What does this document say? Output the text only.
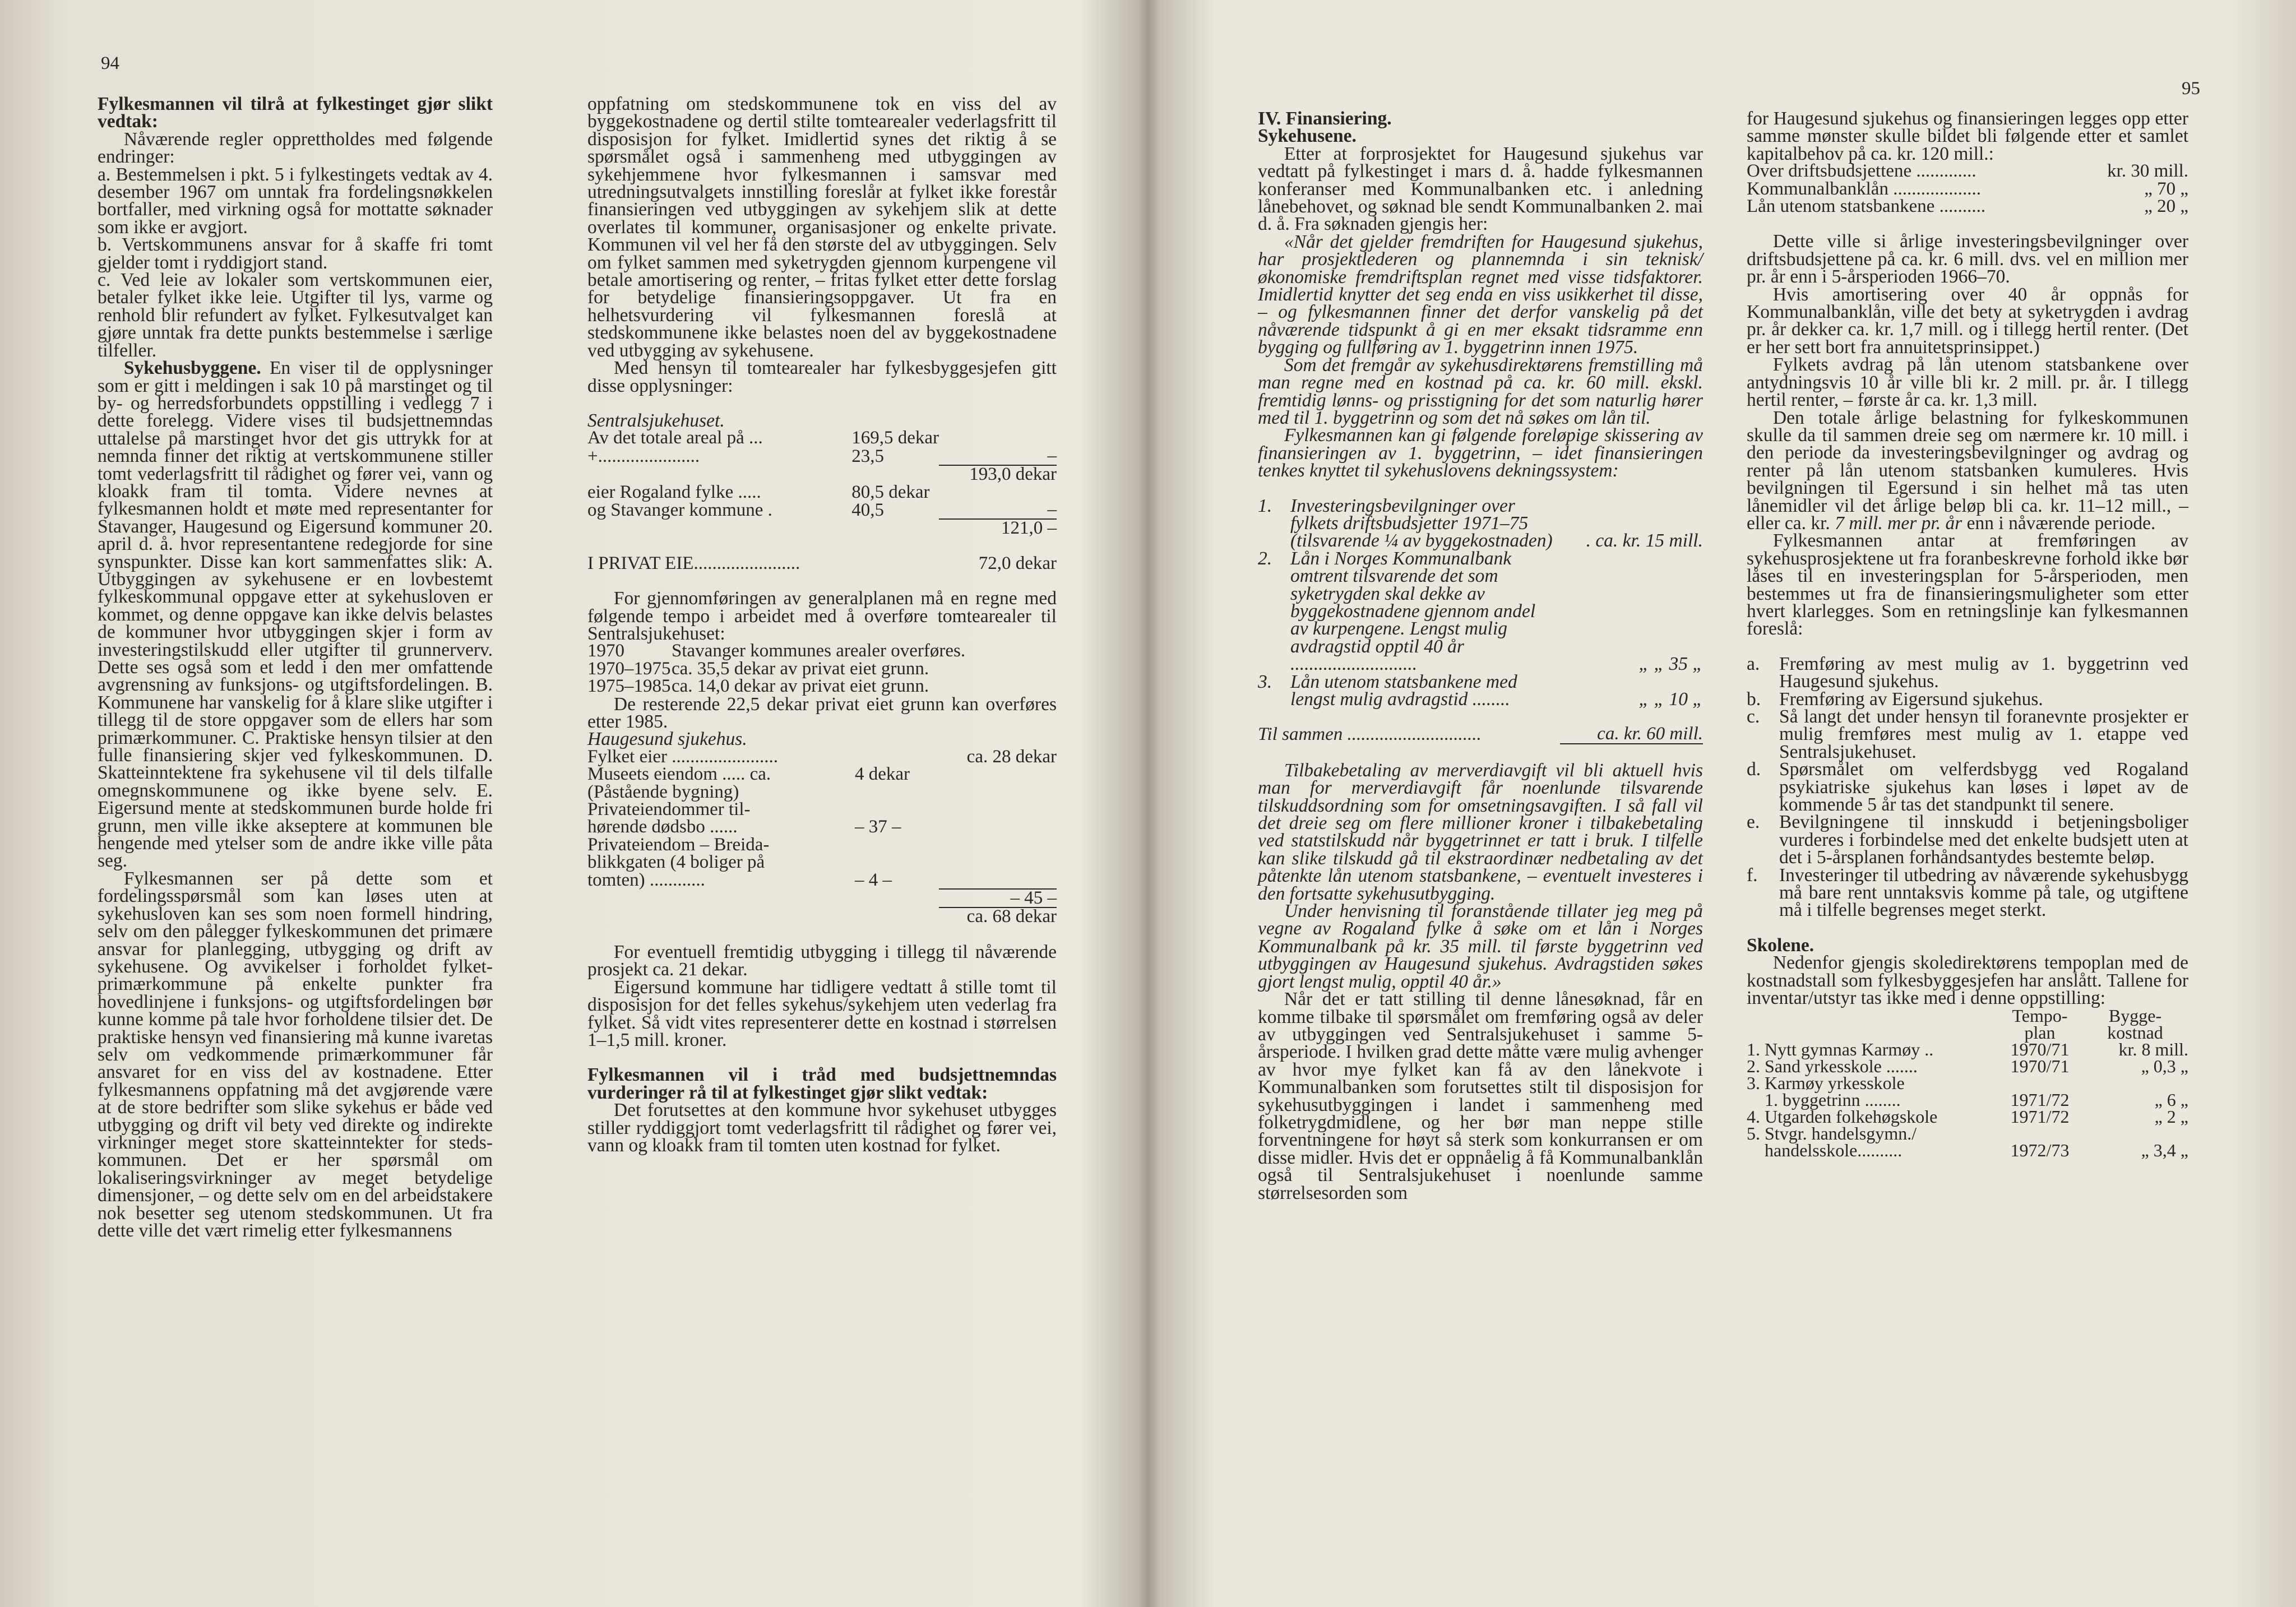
94

Fylkesmannen vil tilrå at fylkestinget gjør slikt vedtak:

Nåværende regler opprettholdes med følgende endringer:

a. Bestemmelsen i pkt. 5 i fylkestingets vedtak av 4. desember 1967 om unntak fra fordelingsnøkkelen bortfaller, med virkning også for mottatte søknader som ikke er avgjort.

b. Vertskommunens ansvar for å skaffe fri tomt gjelder tomt i ryddigjort stand.

c. Ved leie av lokaler som vertskommunen eier, betaler fylket ikke leie. Utgifter til lys, varme og renhold blir refundert av fylket. Fylkesutvalget kan gjøre unntak fra dette punkts bestemmelse i særlige tilfeller.

Sykehusbyggene. En viser til de opplysninger som er gitt i meldingen i sak 10 på marstinget og til by- og herredsforbundets oppstilling i vedlegg 7 i dette forelegg. Videre vises til budsjettnemndas uttalelse på marstinget hvor det gis uttrykk for at nemnda finner det riktig at vertskommunene stiller tomt vederlagsfritt til rådighet og fører vei, vann og kloakk fram til tomta. Videre nevnes at fylkesmannen holdt et møte med representanter for Stavanger, Haugesund og Eigersund kommuner 20. april d. å. hvor representantene redegjorde for sine synspunkter. Disse kan kort sammenfattes slik: A. Utbyggingen av sykehusene er en lovbestemt fylkeskommunal oppgave etter at sykehusloven er kommet, og denne oppgave kan ikke delvis belastes de kommuner hvor utbyggingen skjer i form av investeringstilskudd eller utgifter til grunnerverv. Dette ses også som et ledd i den mer omfattende avgrensning av funksjons- og utgiftsfordelingen. B. Kommunene har vanskelig for å klare slike utgifter i tillegg til de store oppgaver som de ellers har som primærkommuner. C. Praktiske hensyn tilsier at den fulle finansiering skjer ved fylkeskommunen. D. Skatteinntektene fra sykehusene vil til dels tilfalle omegnskommunene og ikke byene selv. E. Eigersund mente at stedskommunen burde holde fri grunn, men ville ikke akseptere at kommunen ble hengende med ytelser som de andre ikke ville påta seg.

Fylkesmannen ser på dette som et fordelingsspørsmål som kan løses uten at sykehusloven kan ses som noen formell hindring, selv om den pålegger fylkeskommunen det primære ansvar for planlegging, utbygging og drift av sykehusene. Og avvikelser i forholdet fylket-primærkommune på enkelte punkter fra hovedlinjene i funksjons- og utgiftsfordelingen bør kunne komme på tale hvor forholdene tilsier det. De praktiske hensyn ved finansiering må kunne ivaretas selv om vedkommende primærkommuner får ansvaret for en viss del av kostnadene. Etter fylkesmannens oppfatning må det avgjørende være at de store bedrifter som slike sykehus er både ved utbygging og drift vil bety ved direkte og indirekte virkninger meget store skatteinntekter for steds-kommunen. Det er her spørsmål om lokaliseringsvirkninger av meget betydelige dimensjoner, – og dette selv om en del arbeidstakere nok besetter seg utenom stedskommunen. Ut fra dette ville det vært rimelig etter fylkesmannens

oppfatning om stedskommunene tok en viss del av byggekostnadene og dertil stilte tomtearealer vederlagsfritt til disposisjon for fylket. Imidlertid synes det riktig å se spørsmålet også i sammenheng med utbyggingen av sykehjemmene hvor fylkesmannen i samsvar med utredningsutvalgets innstilling foreslår at fylket ikke forestår finansieringen ved utbyggingen av sykehjem slik at dette overlates til kommuner, organisasjoner og enkelte private. Kommunen vil vel her få den største del av utbyggingen. Selv om fylket sammen med syketrygden gjennom kurpengene vil betale amortisering og renter, – fritas fylket etter dette forslag for betydelige finansieringsoppgaver. Ut fra en helhetsvurdering vil fylkesmannen foreslå at stedskommunene ikke belastes noen del av byggekostnadene ved utbygging av sykehusene.

Med hensyn til tomtearealer har fylkesbyggesjefen gitt disse opplysninger:

Sentralsjukehuset.

Av det totale areal på ...	169,5 dekar	
+......................	23,5	–
		193,0 dekar
eier Rogaland fylke .....	80,5 dekar	
og Stavanger kommune .	40,5	–
		121,0 –
I PRIVAT EIE.......................	72,0 dekar

For gjennomføringen av generalplanen må en regne med følgende tempo i arbeidet med å overføre tomtearealer til Sentralsjukehuset:

1970	Stavanger kommunes arealer overføres.
1970–1975	ca. 35,5 dekar av privat eiet grunn.
1975–1985	ca. 14,0 dekar av privat eiet grunn.

De resterende 22,5 dekar privat eiet grunn kan overføres etter 1985.

Haugesund sjukehus.

Fylket eier .......................		ca. 28 dekar
Museets eiendom ..... ca.	4 dekar	
(Påstående bygning)		
Privateiendommer til-		
hørende dødsbo ......	– 37 –	
Privateiendom – Breida-		
blikkgaten (4 boliger på		
tomten) ............	– 4 –	
		– 45 –
		ca. 68 dekar

For eventuell fremtidig utbygging i tillegg til nåværende prosjekt ca. 21 dekar.

Eigersund kommune har tidligere vedtatt å stille tomt til disposisjon for det felles sykehus/sykehjem uten vederlag fra fylket. Så vidt vites representerer dette en kostnad i størrelsen 1–1,5 mill. kroner.

Fylkesmannen vil i tråd med budsjettnemndas vurderinger rå til at fylkestinget gjør slikt vedtak:

Det forutsettes at den kommune hvor sykehuset utbygges stiller ryddiggjort tomt vederlagsfritt til rådighet og fører vei, vann og kloakk fram til tomten uten kostnad for fylket.

95

IV. Finansiering.

Sykehusene.

Etter at forprosjektet for Haugesund sjukehus var vedtatt på fylkestinget i mars d. å. hadde fylkesmannen konferanser med Kommunalbanken etc. i anledning lånebehovet, og søknad ble sendt Kommunalbanken 2. mai d. å. Fra søknaden gjengis her:

«Når det gjelder fremdriften for Haugesund sjukehus, har prosjektlederen og plannemnda i sin teknisk/økonomiske fremdriftsplan regnet med visse tidsfaktorer. Imidlertid knytter det seg enda en viss usikkerhet til disse, – og fylkesmannen finner det derfor vanskelig på det nåværende tidspunkt å gi en mer eksakt tidsramme enn bygging og fullføring av 1. byggetrinn innen 1975.

Som det fremgår av sykehusdirektørens fremstilling må man regne med en kostnad på ca. kr. 60 mill. ekskl. fremtidig lønns- og prisstigning for det som naturlig hører med til 1. byggetrinn og som det nå søkes om lån til.

Fylkesmannen kan gi følgende foreløpige skissering av finansieringen av 1. byggetrinn, – idet finansieringen tenkes knyttet til sykehuslovens dekningssystem:

1. Investeringsbevilgninger over fylkets driftsbudsjetter 1971–75 (tilsvarende ¼ av byggekostnaden)	. ca. kr. 15 mill.
2. Lån i Norges Kommunalbank omtrent tilsvarende det som syketrygden skal dekke av byggekostnadene gjennom andel av kurpengene. Lengst mulig avdragstid opptil 40 år ...........................	„ „ 35 „
3. Lån utenom statsbankene med lengst mulig avdragstid ........	„ „ 10 „
Til sammen .............................	ca. kr. 60 mill.

Tilbakebetaling av merverdiavgift vil bli aktuell hvis man for merverdiavgift får noenlunde tilsvarende tilskuddsordning som for omsetningsavgiften. I så fall vil det dreie seg om flere millioner kroner i tilbakebetaling ved statstilskudd når byggetrinnet er tatt i bruk. I tilfelle kan slike tilskudd gå til ekstraordinær nedbetaling av det påtenkte lån utenom statsbankene, – eventuelt investeres i den fortsatte sykehusutbygging.

Under henvisning til foranstående tillater jeg meg på vegne av Rogaland fylke å søke om et lån i Norges Kommunalbank på kr. 35 mill. til første byggetrinn ved utbyggingen av Haugesund sjukehus. Avdragstiden søkes gjort lengst mulig, opptil 40 år.»

Når det er tatt stilling til denne lånesøknad, får en komme tilbake til spørsmålet om fremføring også av deler av utbyggingen ved Sentralsjukehuset i samme 5-årsperiode. I hvilken grad dette måtte være mulig avhenger av hvor mye fylket kan få av den lånekvote i Kommunalbanken som forutsettes stilt til disposisjon for sykehusutbyggingen i landet i sammenheng med folketrygdmidlene, og her bør man neppe stille forventningene for høyt så sterk som konkurransen er om disse midler. Hvis det er oppnåelig å få Kommunalbanklån også til Sentralsjukehuset i noenlunde samme størrelsesorden som

for Haugesund sjukehus og finansieringen legges opp etter samme mønster skulle bildet bli følgende etter et samlet kapitalbehov på ca. kr. 120 mill.:

Over driftsbudsjettene .............	kr. 30 mill.
Kommunalbanklån ...................	„ 70 „
Lån utenom statsbankene ..........	„ 20 „

Dette ville si årlige investeringsbevilgninger over driftsbudsjettene på ca. kr. 6 mill. dvs. vel en million mer pr. år enn i 5-årsperioden 1966–70.

Hvis amortisering over 40 år oppnås for Kommunalbanklån, ville det bety at syketrygden i avdrag pr. år dekker ca. kr. 1,7 mill. og i tillegg hertil renter. (Det er her sett bort fra annuitetsprinsippet.)

Fylkets avdrag på lån utenom statsbankene over antydningsvis 10 år ville bli kr. 2 mill. pr. år. I tillegg hertil renter, – første år ca. kr. 1,3 mill.

Den totale årlige belastning for fylkeskommunen skulle da til sammen dreie seg om nærmere kr. 10 mill. i den periode da investeringsbevilgninger og avdrag og renter på lån utenom statsbanken kumuleres. Hvis bevilgningen til Egersund i sin helhet må tas uten lånemidler vil det årlige beløp bli ca. kr. 11–12 mill., – eller ca. kr. 7 mill. mer pr. år enn i nåværende periode.

Fylkesmannen antar at fremføringen av sykehusprosjektene ut fra foranbeskrevne forhold ikke bør låses til en investeringsplan for 5-årsperioden, men bestemmes ut fra de finansieringsmuligheter som etter hvert klarlegges. Som en retningslinje kan fylkesmannen foreslå:

a.	Fremføring av mest mulig av 1. byggetrinn ved Haugesund sjukehus.
b. Fremføring av Eigersund sjukehus.
c.	Så langt det under hensyn til foranevnte prosjekter er mulig fremføres mest mulig av 1. etappe ved Sentralsjukehuset.
d. Spørsmålet om velferdsbygg ved Rogaland psykiatriske sjukehus kan løses i løpet av de kommende 5 år tas det standpunkt til senere.
e.	Bevilgningene til innskudd i betjeningsboliger vurderes i forbindelse med det enkelte budsjett uten at det i 5-årsplanen forhåndsantydes bestemte beløp.
f.	Investeringer til utbedring av nåværende sykehusbygg må bare rent unntaksvis komme på tale, og utgiftene må i tilfelle begrenses meget sterkt.

Skolene.

Nedenfor gjengis skoledirektørens tempoplan med de kostnadstall som fylkesbyggesjefen har anslått. Tallene for inventar/utstyr tas ikke med i denne oppstilling:

	Tempo-	Bygge-
	plan	kostnad
1. Nytt gymnas Karmøy ..	1970/71	kr. 8 mill.
2. Sand yrkesskole .......	1970/71	„ 0,3 „
3. Karmøy yrkesskole		
1. byggetrinn ........	1971/72	„ 6 „
4. Utgarden folkehøgskole	1971/72	„ 2 „
5. Stvgr. handelsgymn./		
handelsskole..........	1972/73	„ 3,4 „
